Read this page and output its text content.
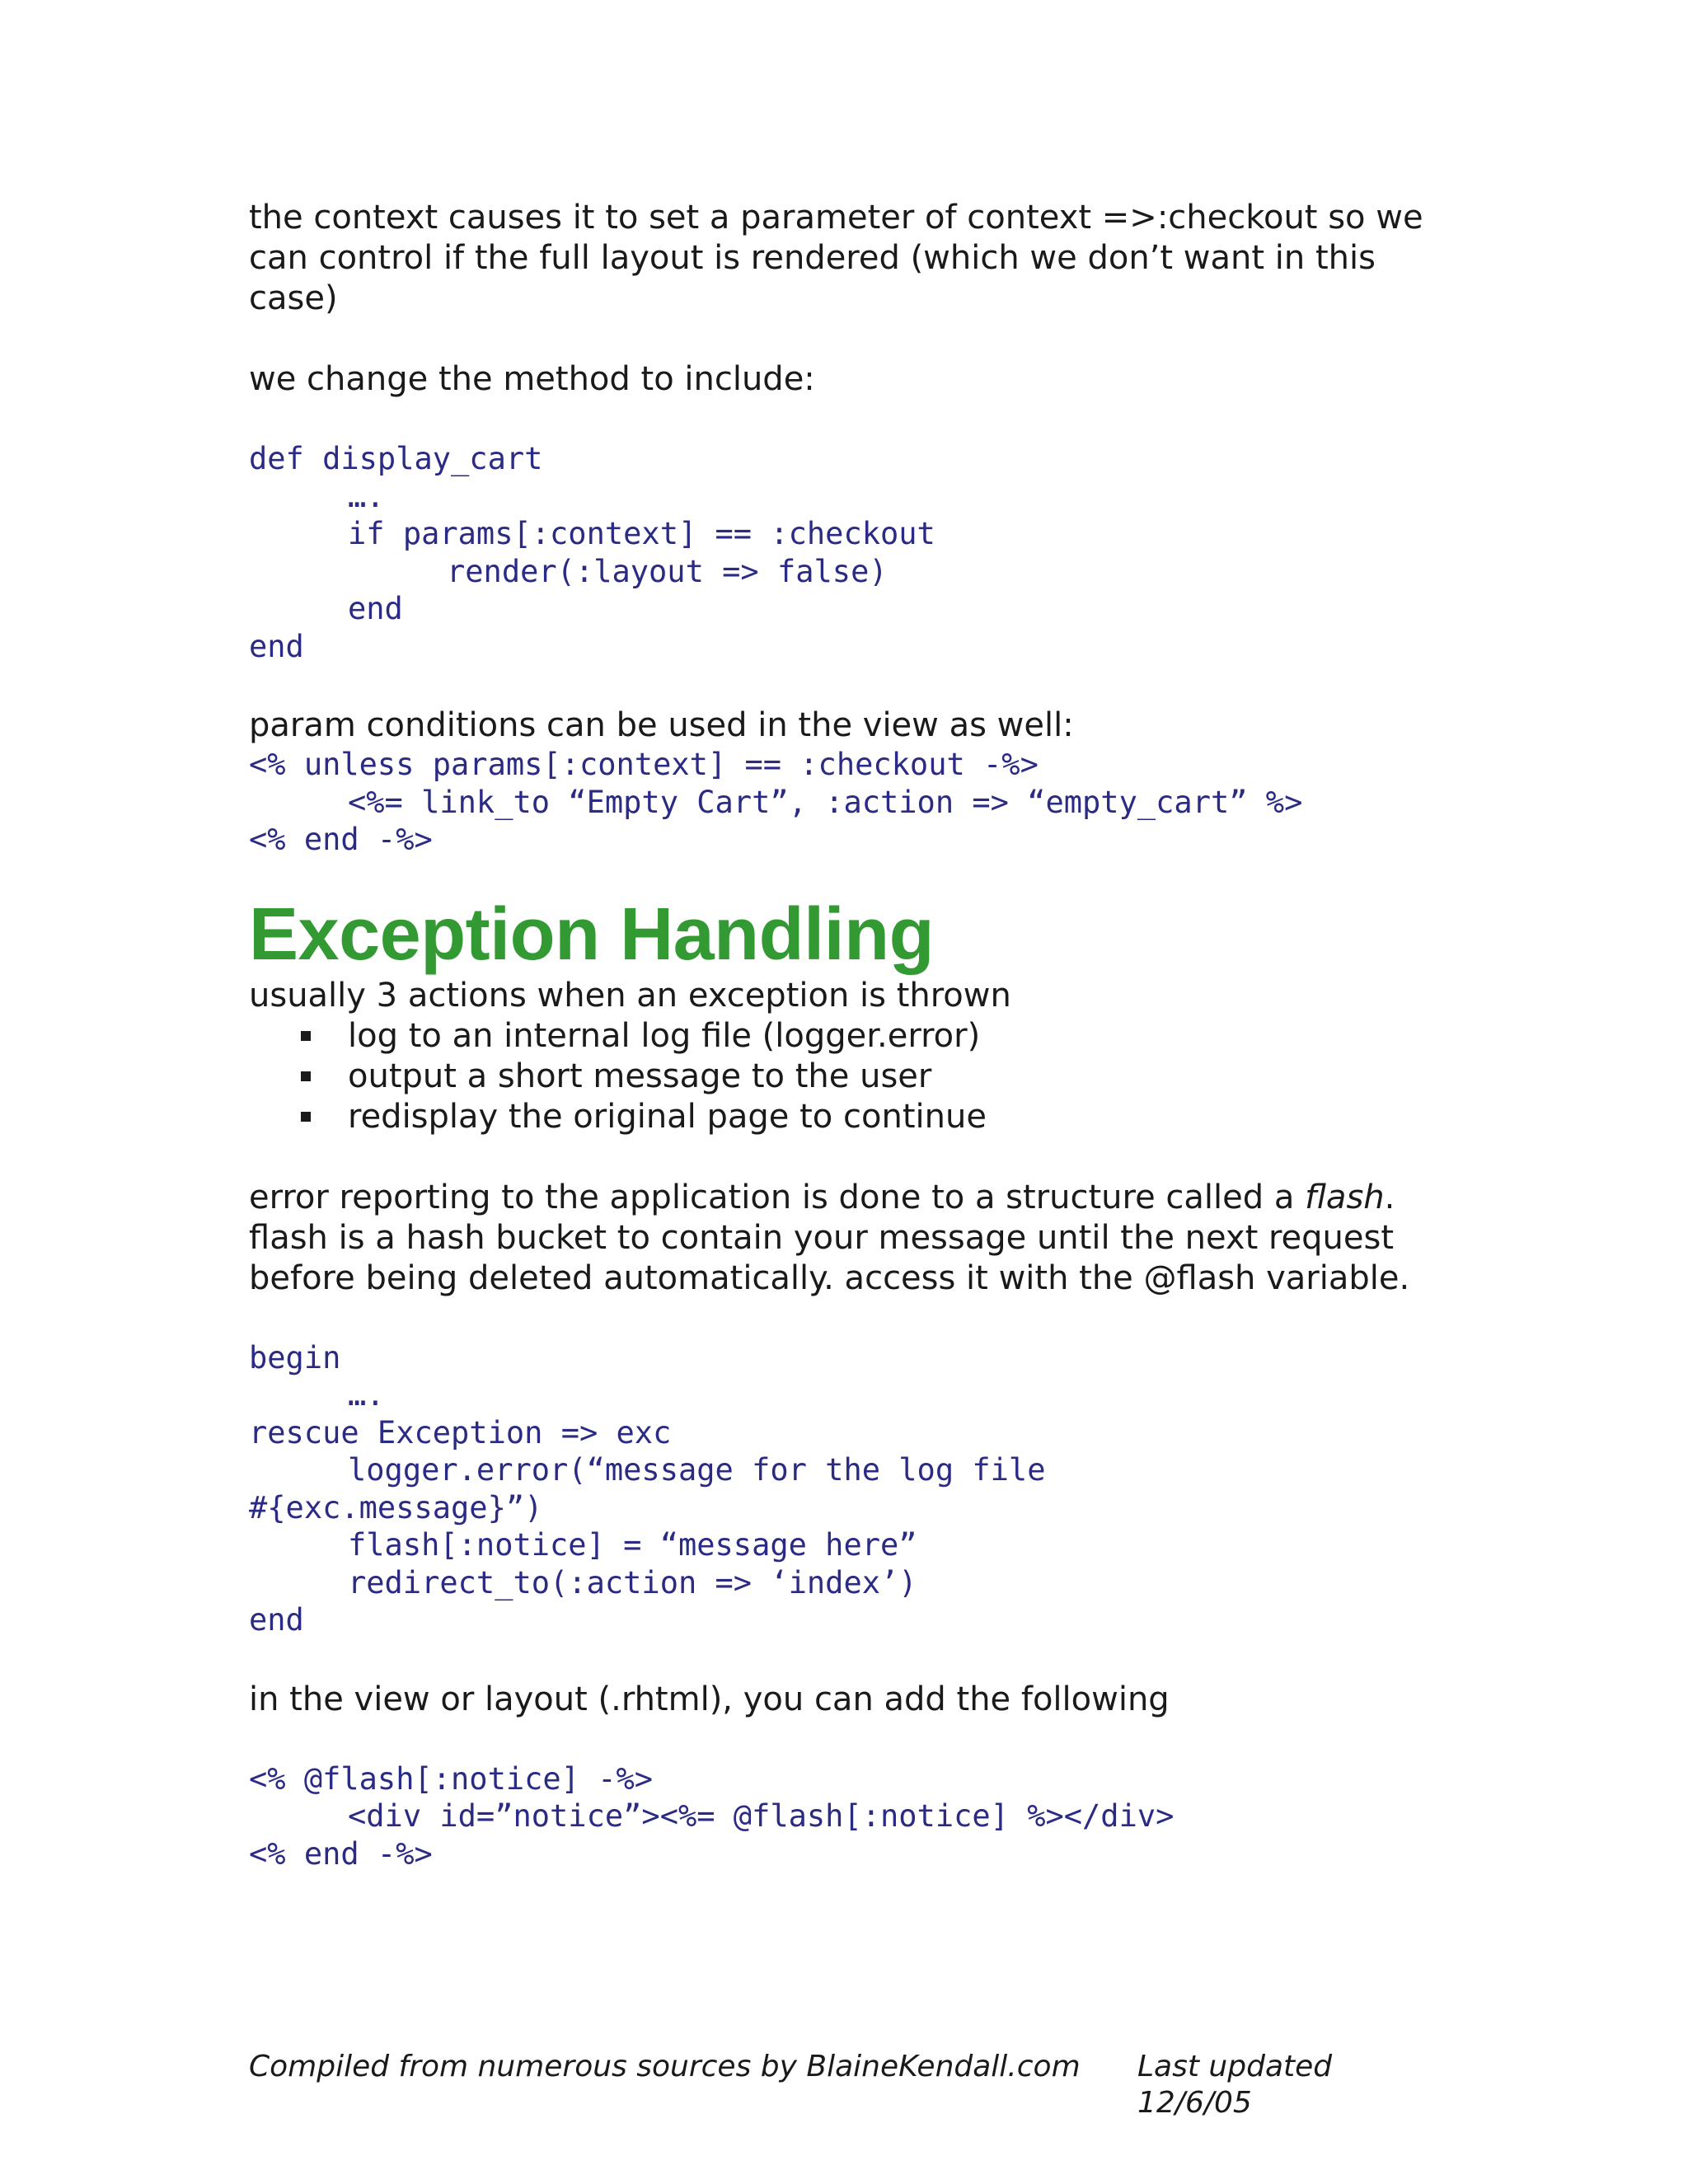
the context causes it to set a parameter of context =>:checkout so we
can control if the full layout is rendered (which we don’t want in this
case)

we change the method to include:

def display_cart
….
if params[:context] == :checkout
render(:layout => false)
end
end

param conditions can be used in the view as well:

<% unless params[:context] == :checkout -%>
<%= link_to “Empty Cart”, :action => “empty_cart” %>
<% end -%>
Exception Handling

usually 3 actions when an exception is thrown

log to an internal log file (logger.error)
output a short message to the user
redisplay the original page to continue

error reporting to the application is done to a structure called a flash.
flash is a hash bucket to contain your message until the next request
before being deleted automatically. access it with the @flash variable.

begin
….
rescue Exception => exc
logger.error(“message for the log file
#{exc.message}”)
flash[:notice] = “message here”
redirect_to(:action => ‘index’)
end

in the view or layout (.rhtml), you can add the following

<% @flash[:notice] -%>
<div id=”notice”><%= @flash[:notice] %></div>
<% end -%>
Compiled from numerous sources by BlaineKendall.com Last updated 12/6/05
